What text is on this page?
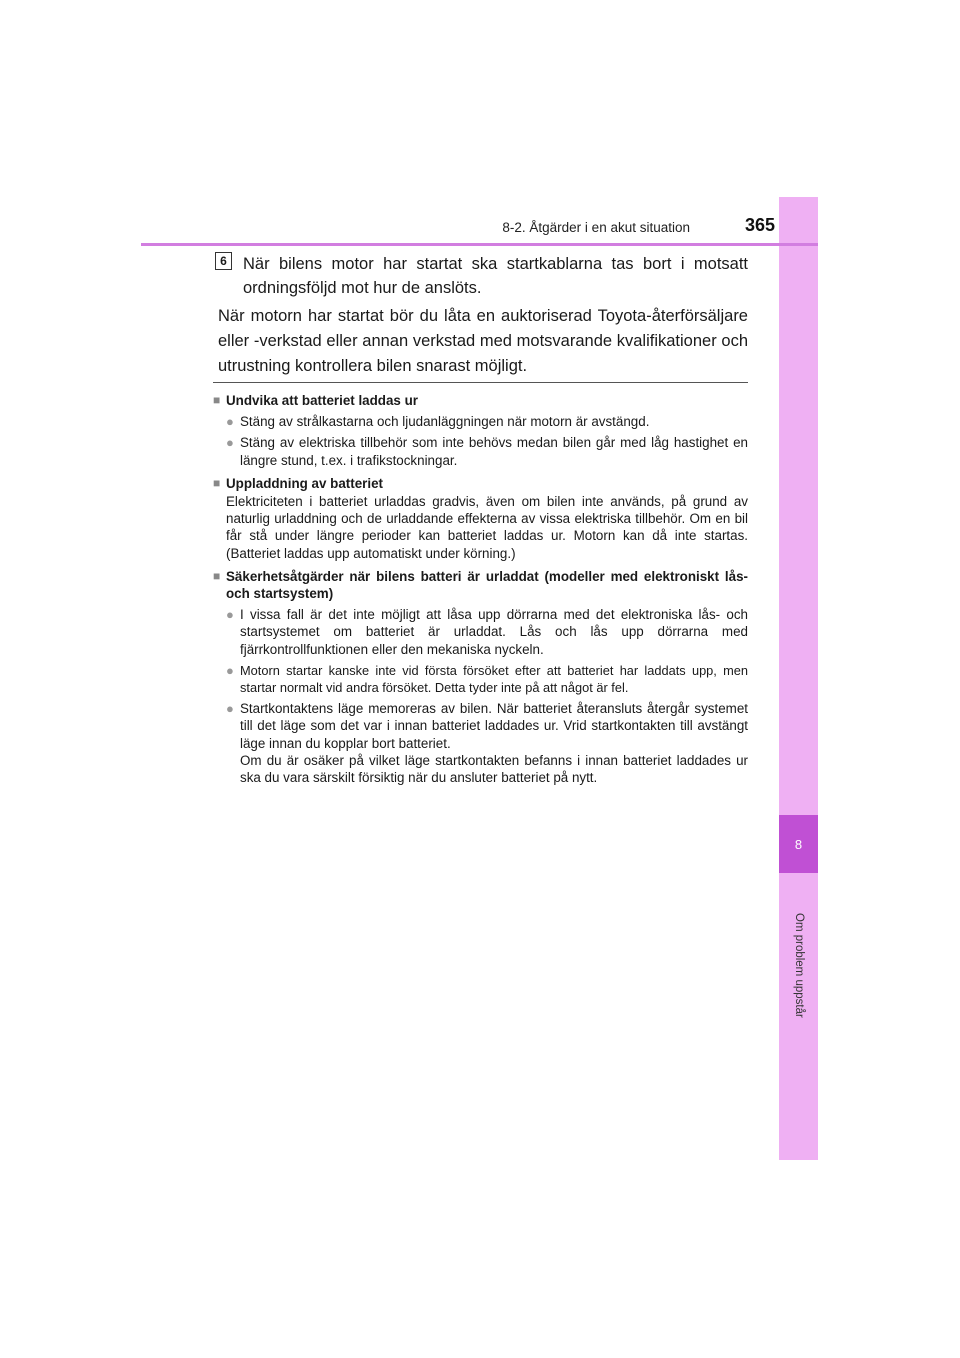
8
Om problem uppstår
8-2. Åtgärder i en akut situation	365
6 När bilens motor har startat ska startkablarna tas bort i motsatt ordningsföljd mot hur de anslöts.
När motorn har startat bör du låta en auktoriserad Toyota-återförsäljare eller -verkstad eller annan verkstad med motsvarande kvalifikationer och utrustning kontrollera bilen snarast möjligt.
■ Undvika att batteriet laddas ur
● Stäng av strålkastarna och ljudanläggningen när motorn är avstängd.
● Stäng av elektriska tillbehör som inte behövs medan bilen går med låg hastighet en längre stund, t.ex. i trafikstockningar.
■ Uppladdning av batteriet
Elektriciteten i batteriet urladdas gradvis, även om bilen inte används, på grund av naturlig urladdning och de urladdande effekterna av vissa elektriska tillbehör. Om en bil får stå under längre perioder kan batteriet laddas ur. Motorn kan då inte startas. (Batteriet laddas upp automatiskt under körning.)
■ Säkerhetsåtgärder när bilens batteri är urladdat (modeller med elektroniskt lås- och startsystem)
● I vissa fall är det inte möjligt att låsa upp dörrarna med det elektroniska lås- och startsystemet om batteriet är urladdat. Lås och lås upp dörrarna med fjärrkontrollfunktionen eller den mekaniska nyckeln.
● Motorn startar kanske inte vid första försöket efter att batteriet har laddats upp, men startar normalt vid andra försöket. Detta tyder inte på att något är fel.
● Startkontaktens läge memoreras av bilen. När batteriet återansluts återgår systemet till det läge som det var i innan batteriet laddades ur. Vrid startkontakten till avstängt läge innan du kopplar bort batteriet.
Om du är osäker på vilket läge startkontakten befanns i innan batteriet laddades ur ska du vara särskilt försiktig när du ansluter batteriet på nytt.
